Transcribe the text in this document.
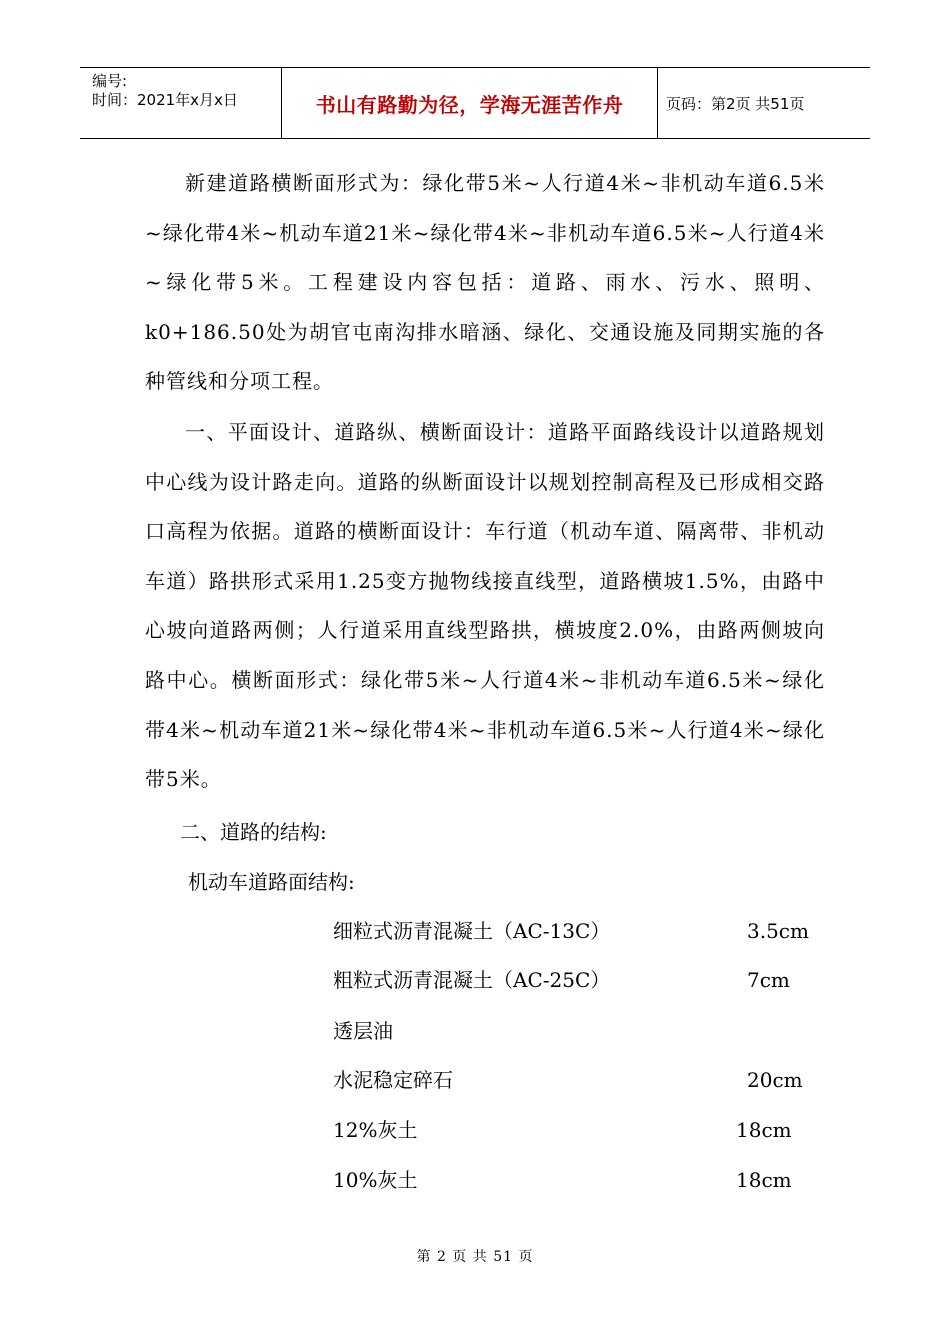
编号:
时间：2021年x月x日	书山有路勤为径，学海无涯苦作舟	页码：第2页 共51页

新建道路横断面形式为：绿化带5米~人行道4米~非机动车道6.5米~绿化带4米~机动车道21米~绿化带4米~非机动车道6.5米~人行道4米~绿化带5米。工程建设内容包括：道路、雨水、污水、照明、k0+186.50处为胡官屯南沟排水暗涵、绿化、交通设施及同期实施的各种管线和分项工程。

一、平面设计、道路纵、横断面设计：道路平面路线设计以道路规划中心线为设计路走向。道路的纵断面设计以规划控制高程及已形成相交路口高程为依据。道路的横断面设计：车行道（机动车道、隔离带、非机动车道）路拱形式采用1.25变方抛物线接直线型，道路横坡1.5%，由路中心坡向道路两侧；人行道采用直线型路拱，横坡度2.0%，由路两侧坡向路中心。横断面形式：绿化带5米~人行道4米~非机动车道6.5米~绿化带4米~机动车道21米~绿化带4米~非机动车道6.5米~人行道4米~绿化带5米。

二、道路的结构:
机动车道路面结构:
细粒式沥青混凝土（AC-13C）	3.5cm
粗粒式沥青混凝土（AC-25C）	7cm
透层油
水泥稳定碎石	20cm
12%灰土	18cm
10%灰土	18cm
第 2 页 共 51 页
